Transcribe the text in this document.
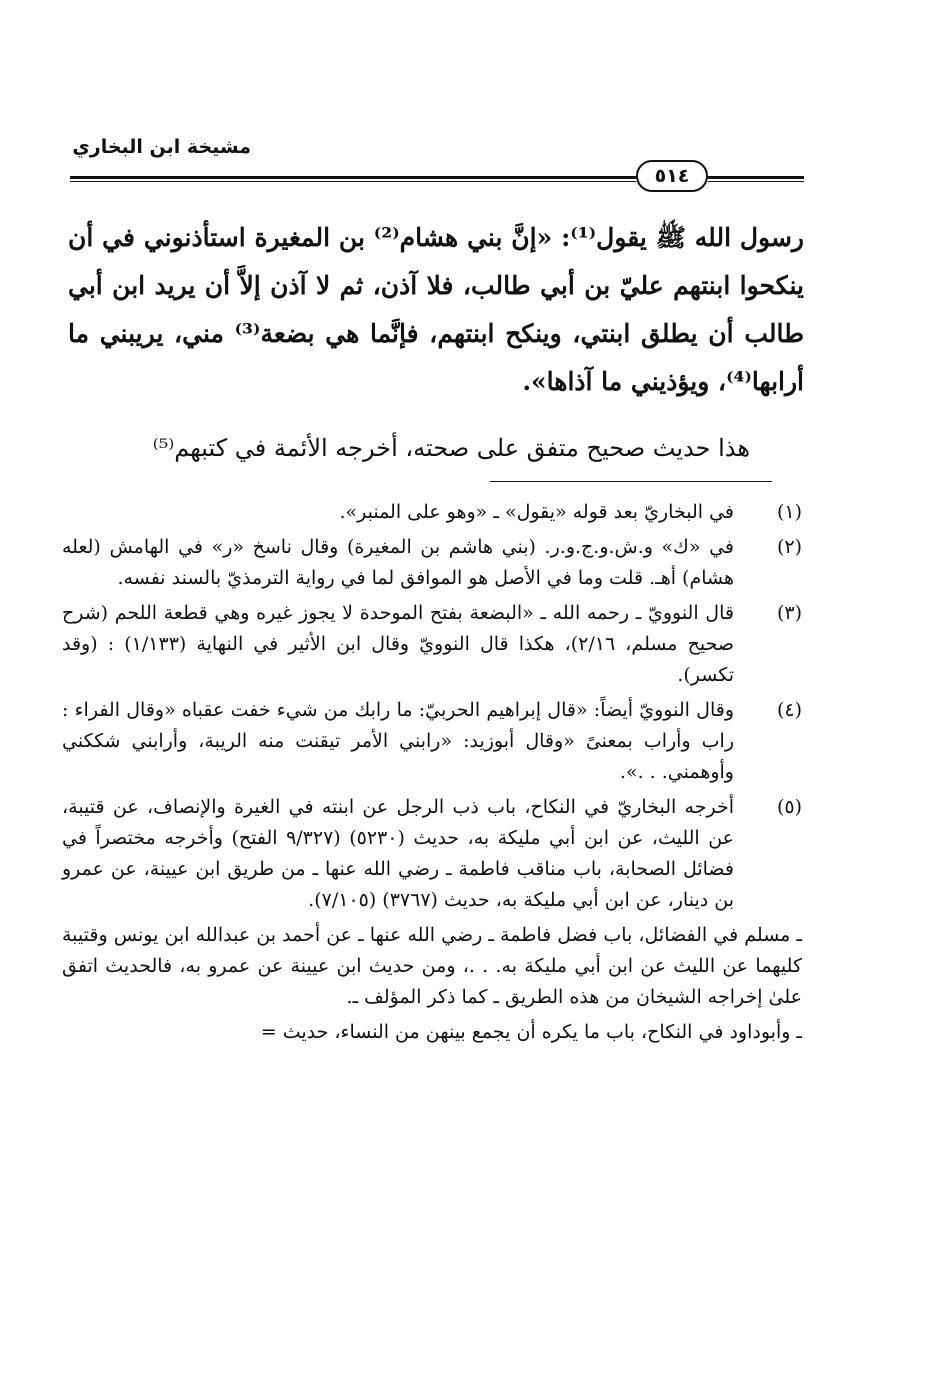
مشيخة ابن البخاري
٥١٤

رسول الله ﷺ يقول⁽¹⁾: «إنَّ بني هشام⁽²⁾ بن المغيرة استأذنوني في أن ينكحوا ابنتهم عليّ بن أبي طالب، فلا آذن، ثم لا آذن إلاَّ أن يريد ابن أبي طالب أن يطلق ابنتي، وينكح ابنتهم، فإنَّما هي بضعة⁽³⁾ مني، يريبني ما أرابها⁽⁴⁾، ويؤذيني ما آذاها».

هذا حديث صحيح متفق على صحته، أخرجه الأئمة في كتبهم⁽⁵⁾
(١)
في البخاريّ بعد قوله «يقول» ـ «وهو على المنبر».
(٢)
في «ك» و.ش.و.ج.و.ر. (بني هاشم بن المغيرة) وقال ناسخ «ر» في الهامش (لعله هشام) أهـ. قلت وما في الأصل هو الموافق لما في رواية الترمذيّ بالسند نفسه.
(٣)
قال النوويّ ـ رحمه الله ـ «البضعة بفتح الموحدة لا يجوز غيره وهي قطعة اللحم (شرح صحيح مسلم، ٢/١٦)، هكذا قال النوويّ وقال ابن الأثير في النهاية (١/١٣٣) : (وقد تكسر).
(٤)
وقال النوويّ أيضاً: «قال إبراهيم الحربيّ: ما رابك من شيء خفت عقباه «وقال الفراء : راب وأراب بمعنىً «وقال أبوزيد: «رابني الأمر تيقنت منه الريبة، وأرابني شككني وأوهمني. . .».
(٥)
أخرجه البخاريّ في النكاح، باب ذب الرجل عن ابنته في الغيرة والإنصاف، عن قتيبة، عن الليث، عن ابن أبي مليكة به، حديث (٥٢٣٠) (٩/٣٢٧ الفتح) وأخرجه مختصراً في فضائل الصحابة، باب مناقب فاطمة ـ رضي الله عنها ـ من طريق ابن عيينة، عن عمرو بن دينار، عن ابن أبي مليكة به، حديث (٣٧٦٧) (٧/١٠٥).
ـ مسلم في الفضائل، باب فضل فاطمة ـ رضي الله عنها ـ عن أحمد بن عبدالله ابن يونس وقتيبة كليهما عن الليث عن ابن أبي مليكة به. . .، ومن حديث ابن عيينة عن عمرو به، فالحديث اتفق علىٰ إخراجه الشيخان من هذه الطريق ـ كما ذكر المؤلف ـ.
ـ وأبوداود في النكاح، باب ما يكره أن يجمع بينهن من النساء، حديث =
